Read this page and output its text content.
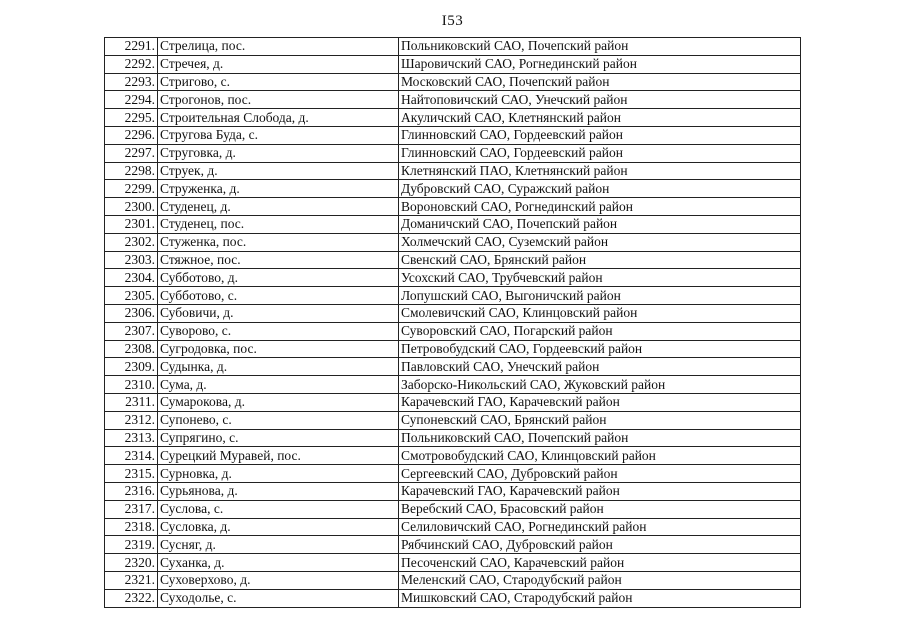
I53
2291.	Стрелица, пос.	Польниковский САО, Почепский район
2292.	Стречея, д.	Шаровичский САО, Рогнединский район
2293.	Стригово, с.	Московский САО, Почепский район
2294.	Строгонов, пос.	Найтоповичский САО, Унечский район
2295.	Строительная Слобода, д.	Акуличский САО, Клетнянский район
2296.	Стругова Буда, с.	Глинновский САО, Гордеевский район
2297.	Струговка, д.	Глинновский САО, Гордеевский район
2298.	Струек, д.	Клетнянский ПАО, Клетнянский район
2299.	Струженка, д.	Дубровский САО, Суражский район
2300.	Студенец, д.	Вороновский САО, Рогнединский район
2301.	Студенец, пос.	Доманичский САО, Почепский район
2302.	Стуженка, пос.	Холмечский САО, Суземский район
2303.	Стяжное, пос.	Свенский САО, Брянский район
2304.	Субботово, д.	Усохский САО, Трубчевский район
2305.	Субботово, с.	Лопушский САО, Выгоничский район
2306.	Субовичи, д.	Смолевичский САО, Клинцовский район
2307.	Суворово, с.	Суворовский САО, Погарский район
2308.	Сугродовка, пос.	Петровобудский САО, Гордеевский район
2309.	Судынка, д.	Павловский САО, Унечский район
2310.	Сума, д.	Заборско-Никольский САО, Жуковский район
2311.	Сумарокова, д.	Карачевский ГАО, Карачевский район
2312.	Супонево, с.	Супоневский САО, Брянский район
2313.	Супрягино, с.	Польниковский САО, Почепский район
2314.	Сурецкий Муравей, пос.	Смотровобудский САО, Клинцовский район
2315.	Сурновка, д.	Сергеевский САО, Дубровский район
2316.	Сурьянова, д.	Карачевский ГАО, Карачевский район
2317.	Суслова, с.	Веребский САО, Брасовский район
2318.	Сусловка, д.	Селиловичский САО, Рогнединский район
2319.	Сусняг, д.	Рябчинский САО, Дубровский район
2320.	Суханка, д.	Песоченский САО, Карачевский район
2321.	Суховерхово, д.	Меленский САО, Стародубский район
2322.	Суходолье, с.	Мишковский САО, Стародубский район
